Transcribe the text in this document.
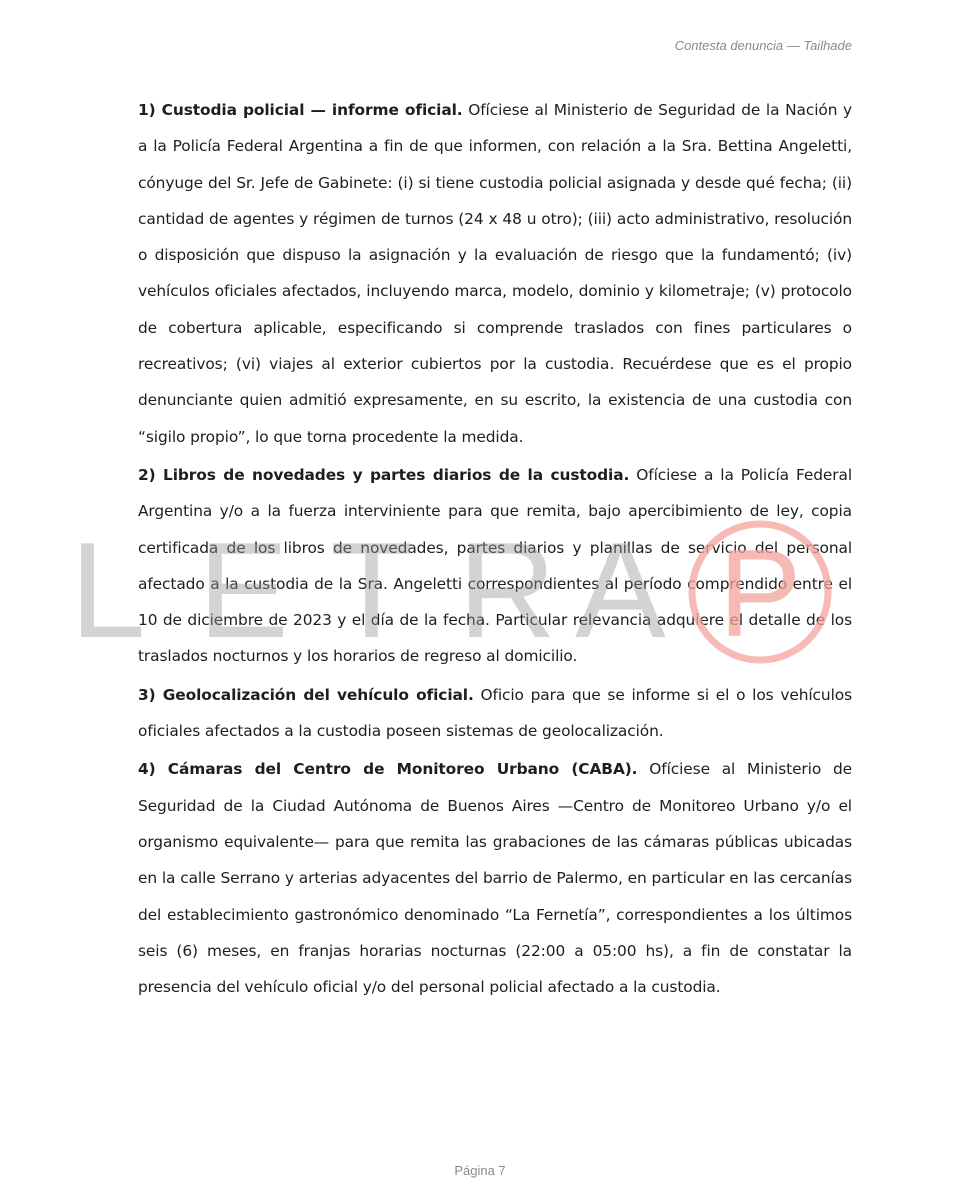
Contesta denuncia — Tailhade

1) Custodia policial — informe oficial. Ofíciese al Ministerio de Seguridad de la Nación y a la Policía Federal Argentina a fin de que informen, con relación a la Sra. Bettina Angeletti, cónyuge del Sr. Jefe de Gabinete: (i) si tiene custodia policial asignada y desde qué fecha; (ii) cantidad de agentes y régimen de turnos (24 x 48 u otro); (iii) acto administrativo, resolución o disposición que dispuso la asignación y la evaluación de riesgo que la fundamentó; (iv) vehículos oficiales afectados, incluyendo marca, modelo, dominio y kilometraje; (v) protocolo de cobertura aplicable, especificando si comprende traslados con fines particulares o recreativos; (vi) viajes al exterior cubiertos por la custodia. Recuérdese que es el propio denunciante quien admitió expresamente, en su escrito, la existencia de una custodia con “sigilo propio”, lo que torna procedente la medida.

2) Libros de novedades y partes diarios de la custodia. Ofíciese a la Policía Federal Argentina y/o a la fuerza interviniente para que remita, bajo apercibimiento de ley, copia certificada de los libros de novedades, partes diarios y planillas de servicio del personal afectado a la custodia de la Sra. Angeletti correspondientes al período comprendido entre el 10 de diciembre de 2023 y el día de la fecha. Particular relevancia adquiere el detalle de los traslados nocturnos y los horarios de regreso al domicilio.

3) Geolocalización del vehículo oficial. Oficio para que se informe si el o los vehículos oficiales afectados a la custodia poseen sistemas de geolocalización.

4) Cámaras del Centro de Monitoreo Urbano (CABA). Ofíciese al Ministerio de Seguridad de la Ciudad Autónoma de Buenos Aires —Centro de Monitoreo Urbano y/o el organismo equivalente— para que remita las grabaciones de las cámaras públicas ubicadas en la calle Serrano y arterias adyacentes del barrio de Palermo, en particular en las cercanías del establecimiento gastronómico denominado “La Fernetía”, correspondientes a los últimos seis (6) meses, en franjas horarias nocturnas (22:00 a 05:00 hs), a fin de constatar la presencia del vehículo oficial y/o del personal policial afectado a la custodia.

L E T R A P
Página 7
